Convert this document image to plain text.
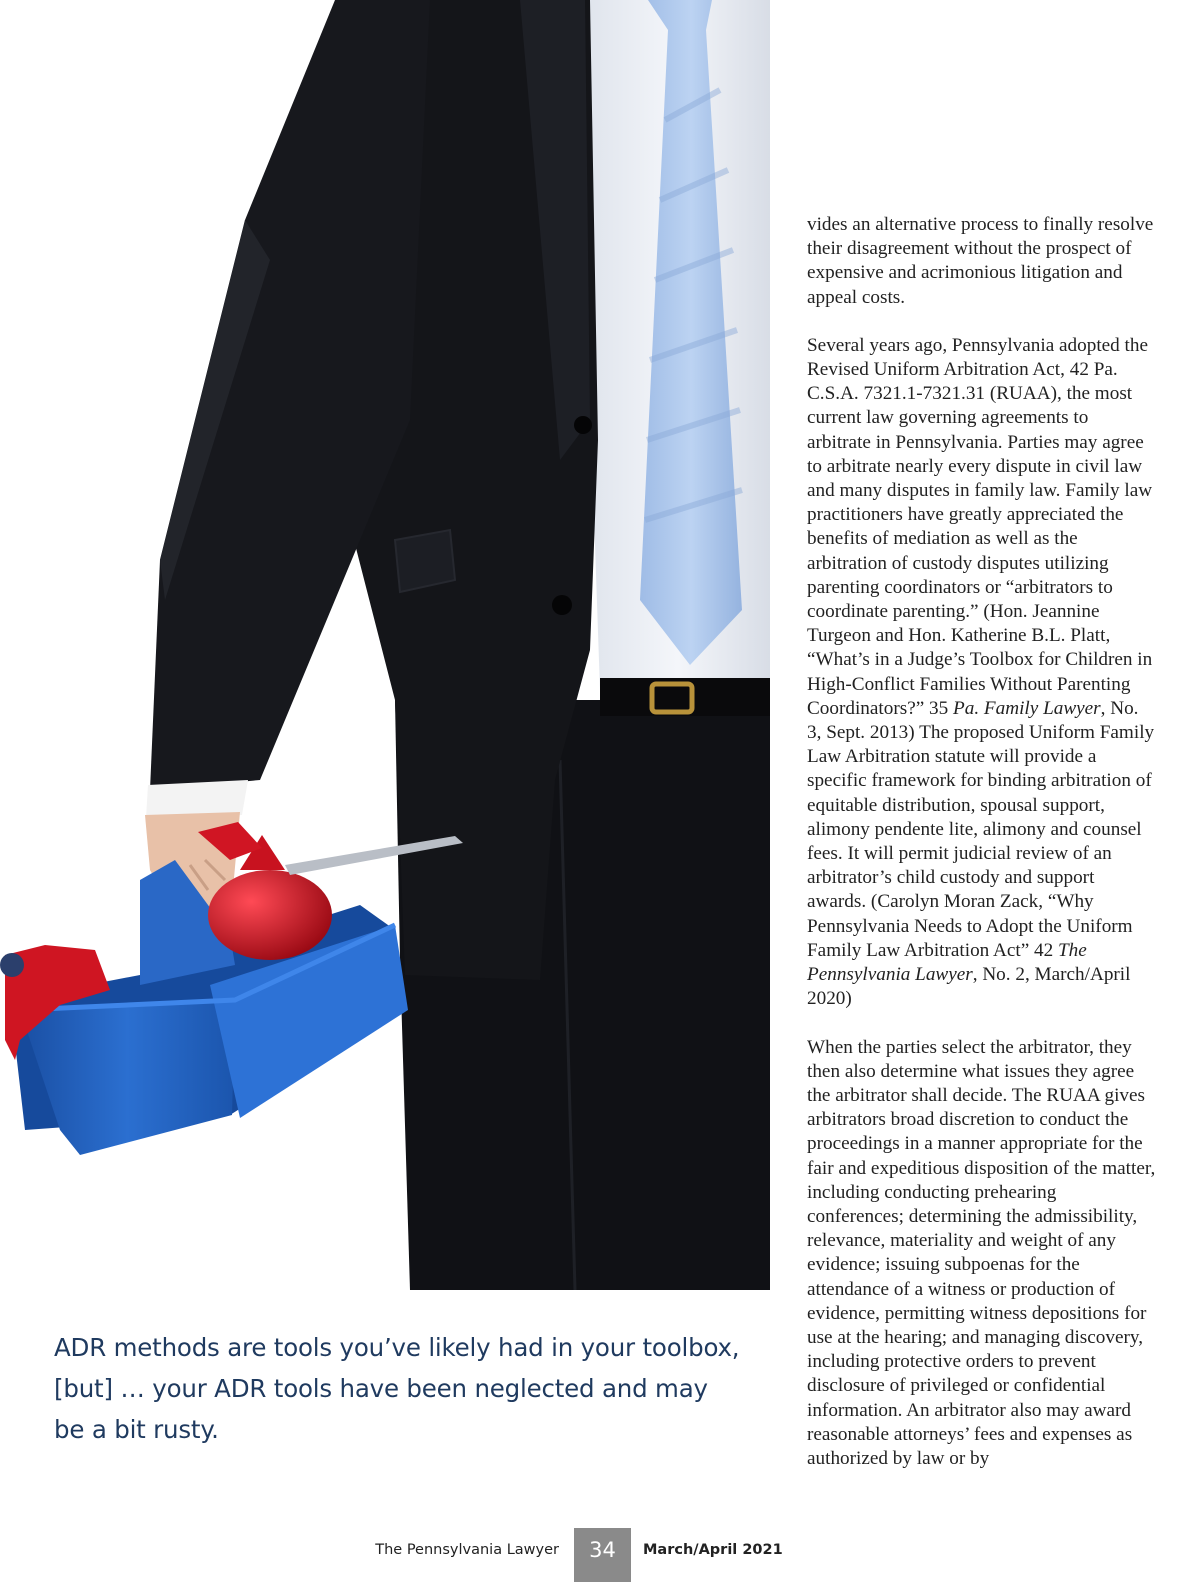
vides an alternative process to finally resolve their disagreement without the prospect of expensive and acrimonious litigation and appeal costs.

Several years ago, Pennsylvania adopted the Revised Uniform Arbitration Act, 42 Pa. C.S.A. 7321.1-7321.31 (RUAA), the most current law governing agreements to arbitrate in Pennsylvania. Parties may agree to arbitrate nearly every dispute in civil law and many disputes in family law. Family law practitioners have greatly appreciated the benefits of mediation as well as the arbitration of custody disputes utilizing parenting coordinators or “arbitrators to coordinate parenting.” (Hon. Jeannine Turgeon and Hon. Katherine B.L. Platt, “What’s in a Judge’s Toolbox for Children in High-Conflict Families Without Parenting Coordinators?” 35 Pa. Family Lawyer, No. 3, Sept. 2013) The proposed Uniform Family Law Arbitration statute will provide a specific framework for binding arbitration of equitable distribution, spousal support, alimony pendente lite, alimony and counsel fees. It will permit judicial review of an arbitrator’s child custody and support awards. (Carolyn Moran Zack, “Why Pennsylvania Needs to Adopt the Uniform Family Law Arbitration Act” 42 The Pennsylvania Lawyer, No. 2, March/April 2020)

When the parties select the arbitrator, they then also determine what issues they agree the arbitrator shall decide. The RUAA gives arbitrators broad discretion to conduct the proceedings in a manner appropriate for the fair and expeditious disposition of the matter, including conducting prehearing conferences; determining the admissibility, relevance, materiality and weight of any evidence; issuing subpoenas for the attendance of a witness or production of evidence, permitting witness depositions for use at the hearing; and managing discovery, including protective orders to prevent disclosure of privileged or confidential information. An arbitrator also may award reasonable attorneys’ fees and expenses as authorized by law or by

ADR methods are tools you’ve likely had in your toolbox, [but] … your ADR tools have been neglected and may be a bit rusty.
The Pennsylvania Lawyer	34	March/April 2021
